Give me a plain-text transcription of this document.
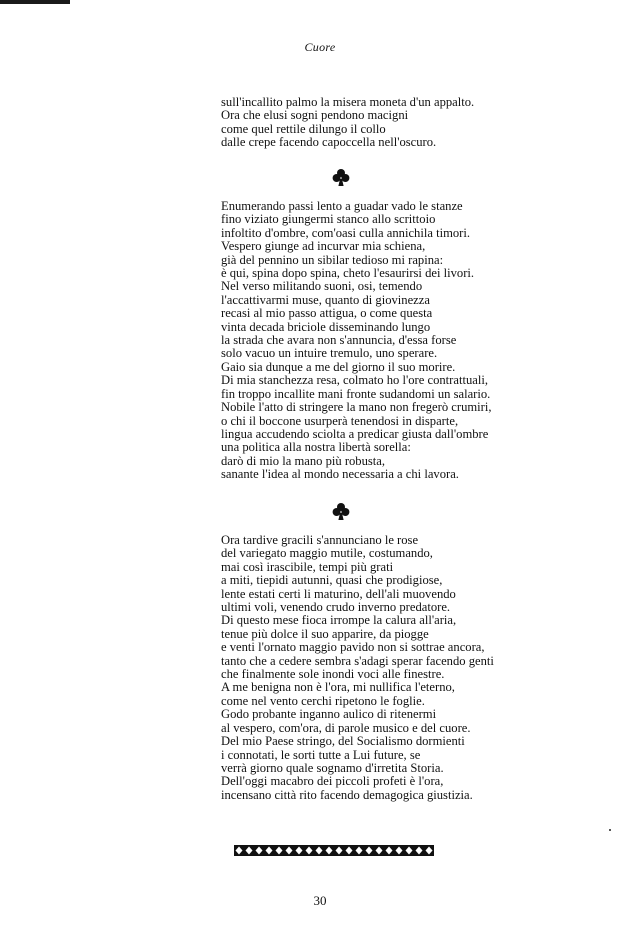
Cuore
sull'incallito palmo la misera moneta d'un appalto.
Ora che elusi sogni pendono macigni
come quel rettile dilungo il collo
dalle crepe facendo capoccella nell'oscuro.
Enumerando passi lento a guadar vado le stanze
fino viziato giungermi stanco allo scrittoio
infoltito d'ombre, com'oasi culla annichila timori.
Vespero giunge ad incurvar mia schiena,
già del pennino un sibilar tedioso mi rapina:
è qui, spina dopo spina, cheto l'esaurirsi dei livori.
Nel verso militando suoni, osi, temendo
l'accattivarmi muse, quanto di giovinezza
recasi al mio passo attigua, o come questa
vinta decada briciole disseminando lungo
la strada che avara non s'annuncia, d'essa forse
solo vacuo un intuire tremulo, uno sperare.
Gaio sia dunque a me del giorno il suo morire.
Di mia stanchezza resa, colmato ho l'ore contrattuali,
fin troppo incallite mani fronte sudandomi un salario.
Nobile l'atto di stringere la mano non fregerò crumiri,
o chi il boccone usurperà tenendosi in disparte,
lingua accudendo sciolta a predicar giusta dall'ombre
una politica alla nostra libertà sorella:
darò di mio la mano più robusta,
sanante l'idea al mondo necessaria a chi lavora.
Ora tardive gracili s'annunciano le rose
del variegato maggio mutile, costumando,
mai così irascibile, tempi più grati
a miti, tiepidi autunni, quasi che prodigiose,
lente estati certi li maturino, dell'ali muovendo
ultimi voli, venendo crudo inverno predatore.
Di questo mese fioca irrompe la calura all'aria,
tenue più dolce il suo apparire, da piogge
e venti l'ornato maggio pavido non si sottrae ancora,
tanto che a cedere sembra s'adagi sperar facendo genti
che finalmente sole inondi voci alle finestre.
A me benigna non è l'ora, mi nullifica l'eterno,
come nel vento cerchi ripetono le foglie.
Godo probante inganno aulico di ritenermi
al vespero, com'ora, di parole musico e del cuore.
Del mio Paese stringo, del Socialismo dormienti
i connotati, le sorti tutte a Lui future, se
verrà giorno quale sognamo d'irretita Storia.
Dell'oggi macabro dei piccoli profeti è l'ora,
incensano città rito facendo demagogica giustizia.
30
